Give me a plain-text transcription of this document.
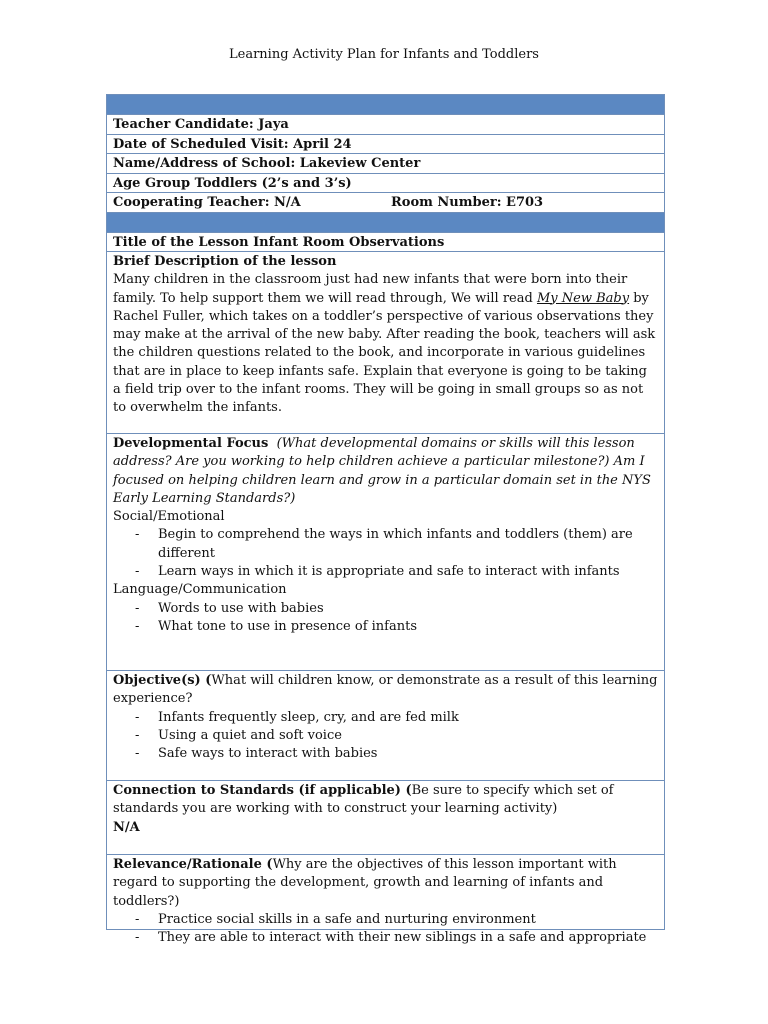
Learning Activity Plan for Infants and Toddlers
Teacher Candidate: Jaya
Date of Scheduled Visit: April 24
Name/Address of School: Lakeview Center
Age Group Toddlers (2’s and 3’s)
Cooperating Teacher: N/A	Room Number: E703
Title of the Lesson Infant Room Observations
Brief Description of the lesson
Many children in the classroom just had new infants that were born into their family. To help support them we will read through, We will read My New Baby by Rachel Fuller, which takes on a toddler’s perspective of various observations they may make at the arrival of the new baby. After reading the book, teachers will ask the children questions related to the book, and incorporate in various guidelines that are in place to keep infants safe. Explain that everyone is going to be taking a field trip over to the infant rooms. They will be going in small groups so as not to overwhelm the infants.
Developmental Focus (What developmental domains or skills will this lesson address? Are you working to help children achieve a particular milestone?) Am I focused on helping children learn and grow in a particular domain set in the NYS Early Learning Standards?)
Social/Emotional
- Begin to comprehend the ways in which infants and toddlers (them) are different
- Learn ways in which it is appropriate and safe to interact with infants
Language/Communication
- Words to use with babies
- What tone to use in presence of infants
Objective(s) (What will children know, or demonstrate as a result of this learning experience?
- Infants frequently sleep, cry, and are fed milk
- Using a quiet and soft voice
- Safe ways to interact with babies
Connection to Standards (if applicable) (Be sure to specify which set of standards you are working with to construct your learning activity)
N/A
Relevance/Rationale (Why are the objectives of this lesson important with regard to supporting the development, growth and learning of infants and toddlers?)
- Practice social skills in a safe and nurturing environment
- They are able to interact with their new siblings in a safe and appropriate
